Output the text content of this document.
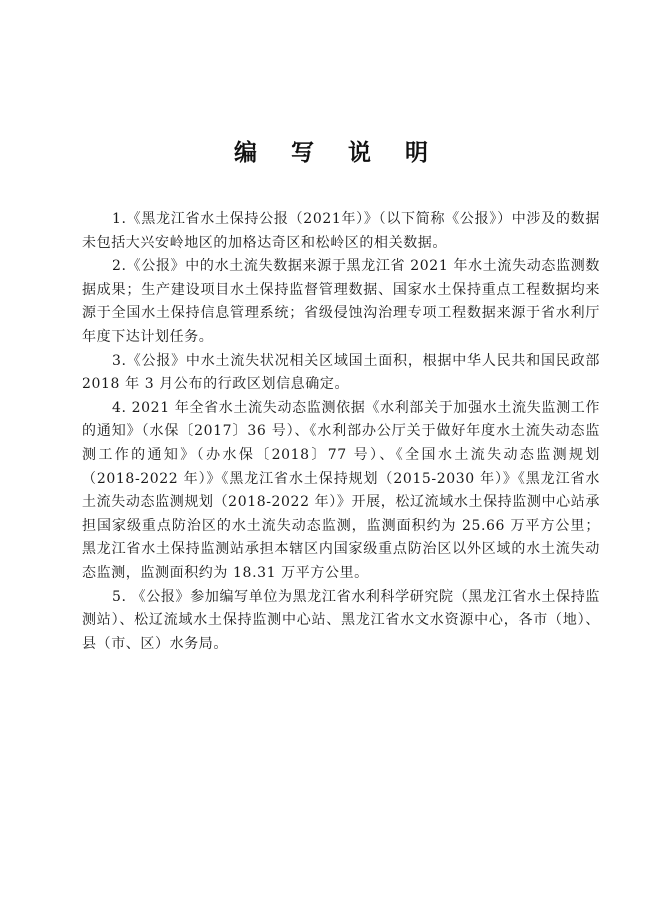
编 写 说 明

1.《黑龙江省水土保持公报（2021年）》（以下简称《公报》）中涉及的数据未包括大兴安岭地区的加格达奇区和松岭区的相关数据。

2.《公报》中的水土流失数据来源于黑龙江省 2021 年水土流失动态监测数据成果；生产建设项目水土保持监督管理数据、国家水土保持重点工程数据均来源于全国水土保持信息管理系统；省级侵蚀沟治理专项工程数据来源于省水利厅年度下达计划任务。

3.《公报》中水土流失状况相关区域国土面积，根据中华人民共和国民政部 2018 年 3 月公布的行政区划信息确定。

4. 2021 年全省水土流失动态监测依据《水利部关于加强水土流失监测工作的通知》（水保〔2017〕36 号）、《水利部办公厅关于做好年度水土流失动态监测工作的通知》（办水保〔2018〕77 号）、《全国水土流失动态监测规划（2018-2022 年）》《黑龙江省水土保持规划（2015-2030 年）》《黑龙江省水土流失动态监测规划（2018-2022 年）》开展，松辽流域水土保持监测中心站承担国家级重点防治区的水土流失动态监测，监测面积约为 25.66 万平方公里；黑龙江省水土保持监测站承担本辖区内国家级重点防治区以外区域的水土流失动态监测，监测面积约为 18.31 万平方公里。

5. 《公报》参加编写单位为黑龙江省水利科学研究院（黑龙江省水土保持监测站）、松辽流域水土保持监测中心站、黑龙江省水文水资源中心，各市（地）、县（市、区）水务局。
